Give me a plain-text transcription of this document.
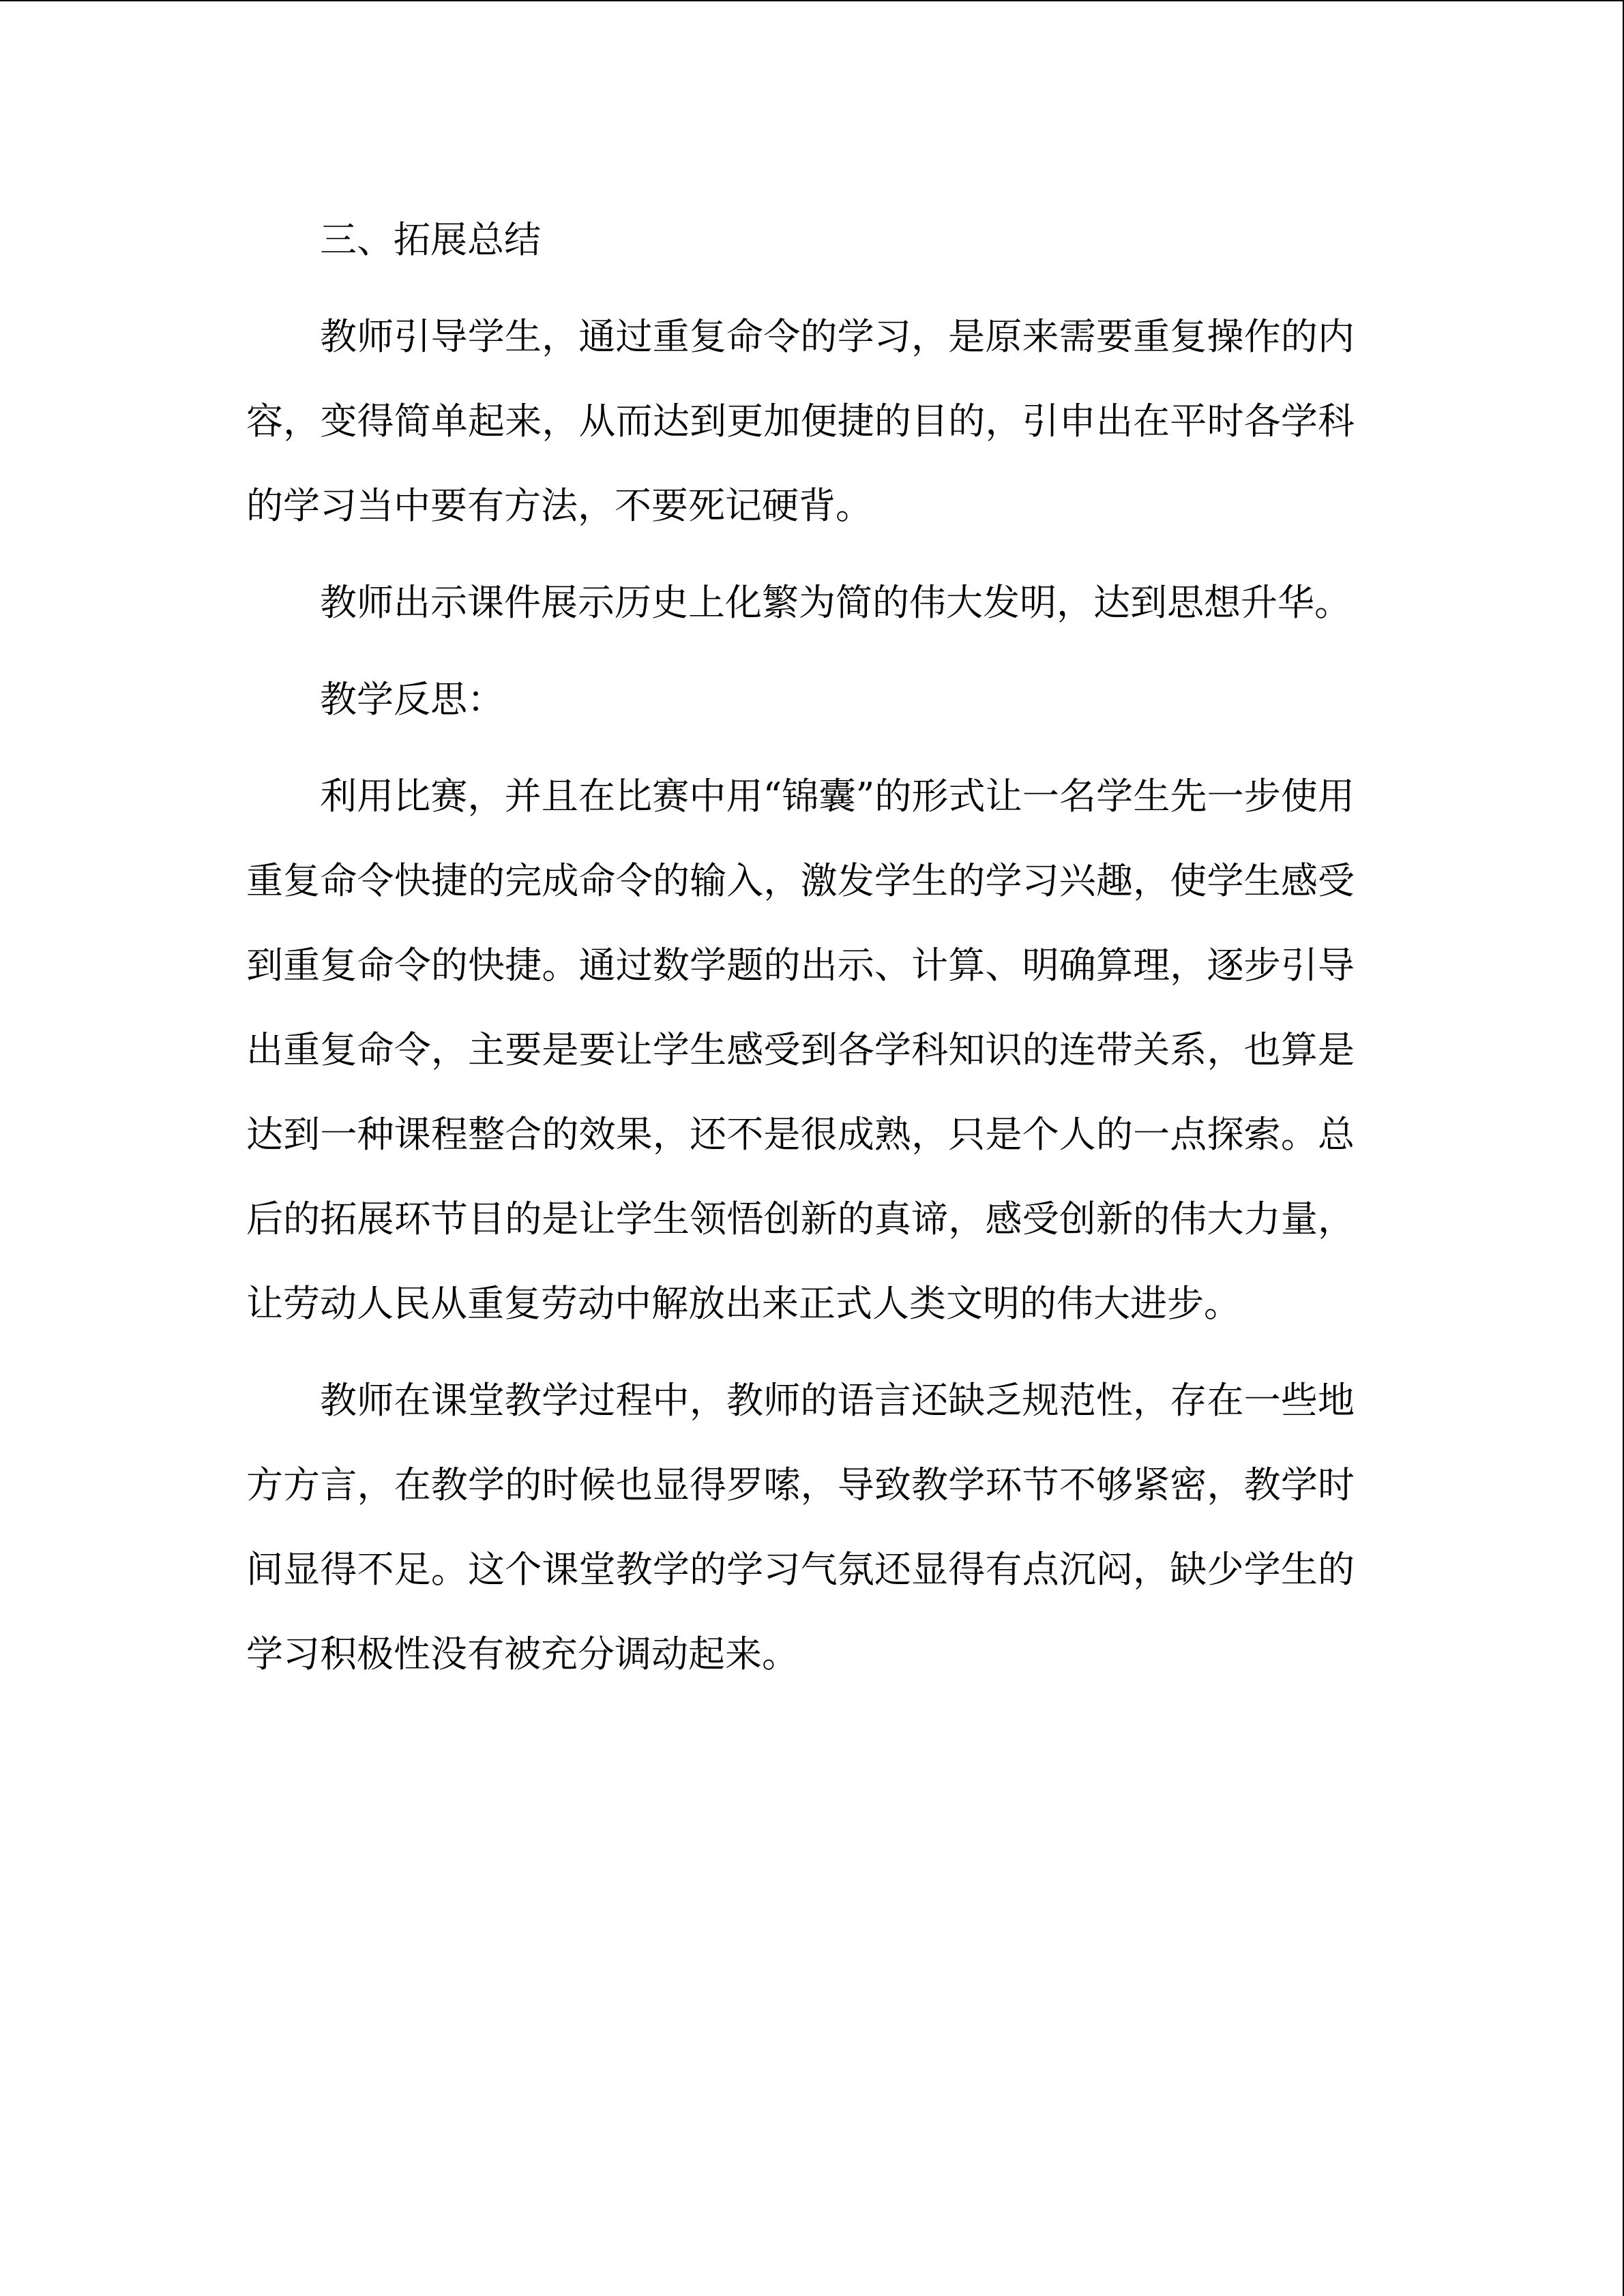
三、拓展总结

教师引导学生，通过重复命令的学习，是原来需要重复操作的内容，变得简单起来，从而达到更加便捷的目的，引申出在平时各学科的学习当中要有方法，不要死记硬背。

教师出示课件展示历史上化繁为简的伟大发明，达到思想升华。

教学反思：

利用比赛，并且在比赛中用“锦囊”的形式让一名学生先一步使用重复命令快捷的完成命令的输入，激发学生的学习兴趣，使学生感受到重复命令的快捷。通过数学题的出示、计算、明确算理，逐步引导出重复命令，主要是要让学生感受到各学科知识的连带关系，也算是达到一种课程整合的效果，还不是很成熟，只是个人的一点探索。总后的拓展环节目的是让学生领悟创新的真谛，感受创新的伟大力量，让劳动人民从重复劳动中解放出来正式人类文明的伟大进步。

教师在课堂教学过程中，教师的语言还缺乏规范性，存在一些地方方言，在教学的时候也显得罗嗦，导致教学环节不够紧密，教学时间显得不足。这个课堂教学的学习气氛还显得有点沉闷，缺少学生的学习积极性没有被充分调动起来。
